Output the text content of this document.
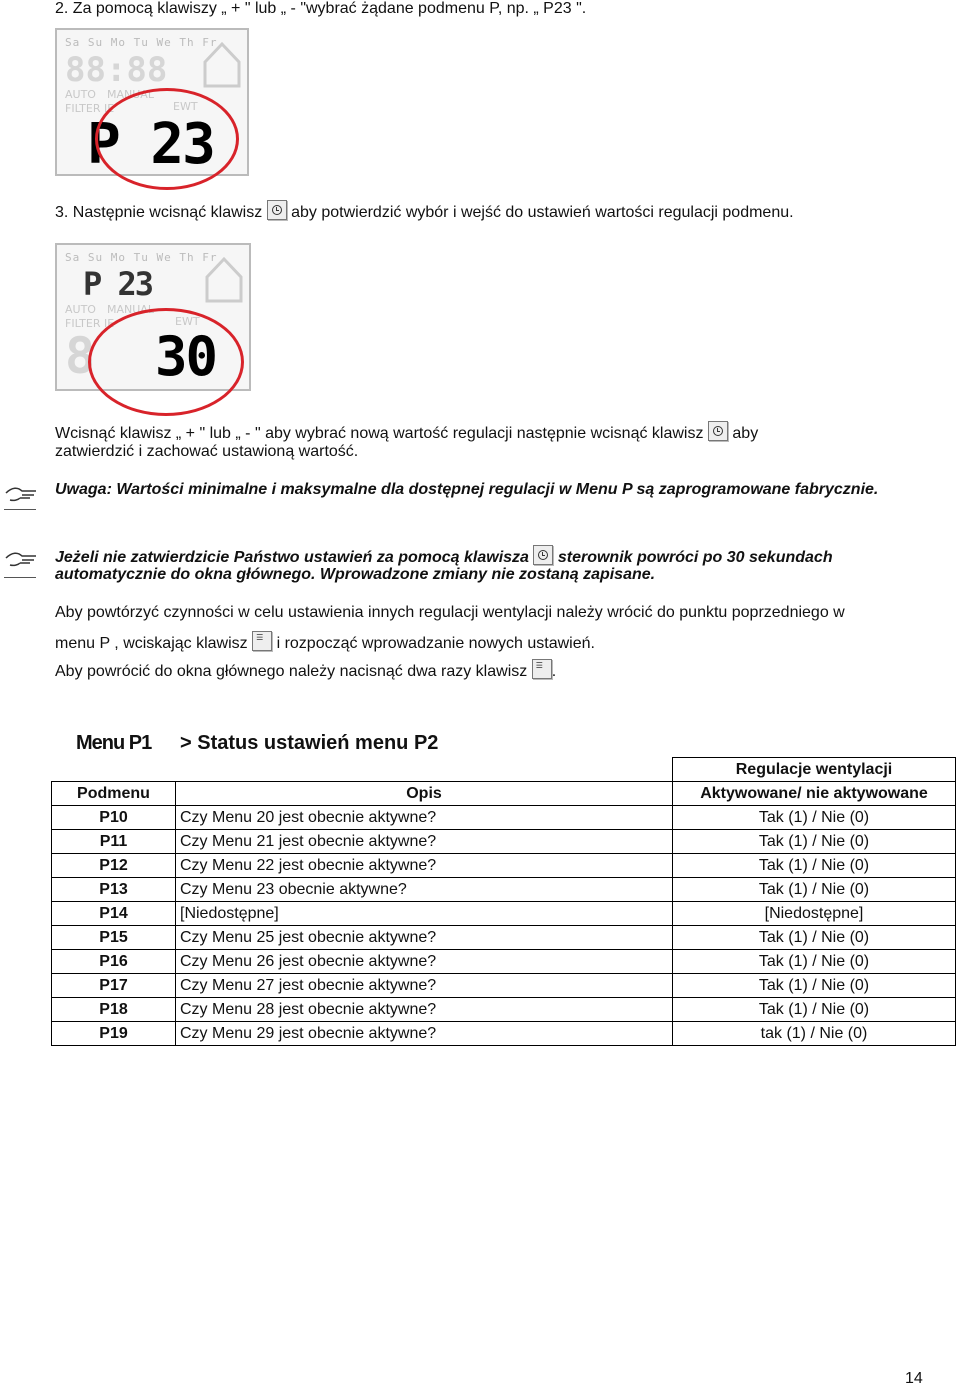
2. Za pomocą klawiszy „ + " lub „ - "wybrać żądane podmenu P, np. „ P23 ".
Sa Su Mo Tu We Th Fr
88:88
AUTO MANUAL
FILTER IE	EWT
P 23
3. Następnie wcisnąć klawisz aby potwierdzić wybór i wejść do ustawień wartości regulacji podmenu.
Sa Su Mo Tu We Th Fr
P 23
AUTO MANUAL
FILTER IE	EWT
8 30
Wcisnąć klawisz „ + " lub „ - " aby wybrać nową wartość regulacji następnie wcisnąć klawisz aby
zatwierdzić i zachować ustawioną wartość.
Uwaga: Wartości minimalne i maksymalne dla dostępnej regulacji w Menu P są zaprogramowane fabrycznie.
Jeżeli nie zatwierdzicie Państwo ustawień za pomocą klawisza sterownik powróci po 30 sekundach
automatycznie do okna głównego. Wprowadzone zmiany nie zostaną zapisane.
Aby powtórzyć czynności w celu ustawienia innych regulacji wentylacji należy wrócić do punktu poprzedniego w
menu P , wciskając klawisz ☰ i rozpocząć wprowadzanie nowych ustawień.
Aby powrócić do okna głównego należy nacisnąć dwa razy klawisz ☰ .
Menu P1 > Status ustawień menu P2
		Regulacje wentylacji
Podmenu	Opis	Aktywowane/ nie aktywowane
P10	Czy Menu 20 jest obecnie aktywne?	Tak (1) / Nie (0)
P11	Czy Menu 21 jest obecnie aktywne?	Tak (1) / Nie (0)
P12	Czy Menu 22 jest obecnie aktywne?	Tak (1) / Nie (0)
P13	Czy Menu 23 obecnie aktywne?	Tak (1) / Nie (0)
P14	[Niedostępne]	[Niedostępne]
P15	Czy Menu 25 jest obecnie aktywne?	Tak (1) / Nie (0)
P16	Czy Menu 26 jest obecnie aktywne?	Tak (1) / Nie (0)
P17	Czy Menu 27 jest obecnie aktywne?	Tak (1) / Nie (0)
P18	Czy Menu 28 jest obecnie aktywne?	Tak (1) / Nie (0)
P19	Czy Menu 29 jest obecnie aktywne?	tak (1) / Nie (0)
14
